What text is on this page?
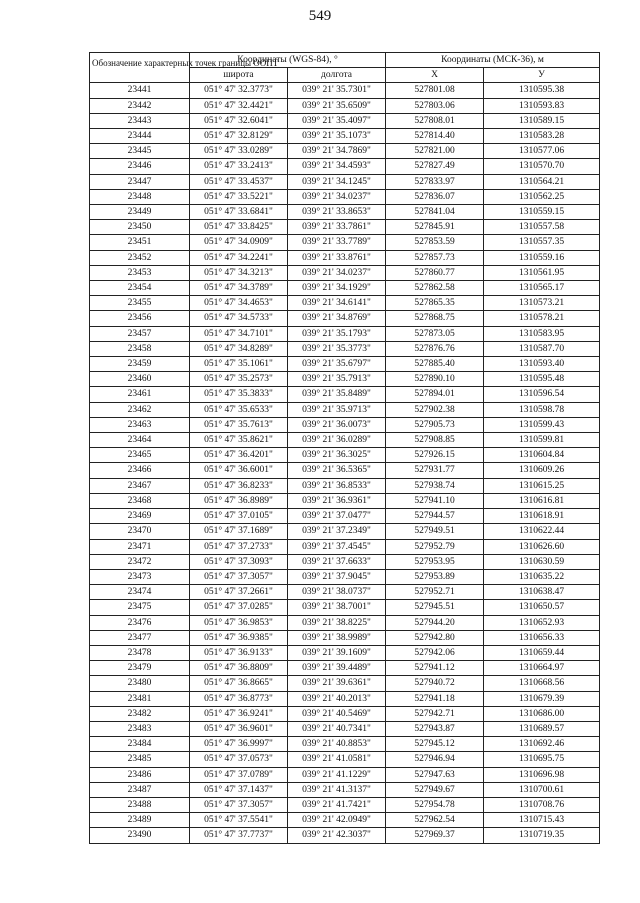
549
Обозначение характерных точек границы ООПТ	Координаты (WGS-84), °		Координаты (МСК-36), м	
	широта	долгота	X	У
23441	051° 47' 32.3773"	039° 21' 35.7301"	527801.08	1310595.38
23442	051° 47' 32.4421"	039° 21' 35.6509"	527803.06	1310593.83
23443	051° 47' 32.6041"	039° 21' 35.4097"	527808.01	1310589.15
23444	051° 47' 32.8129"	039° 21' 35.1073"	527814.40	1310583.28
23445	051° 47' 33.0289"	039° 21' 34.7869"	527821.00	1310577.06
23446	051° 47' 33.2413"	039° 21' 34.4593"	527827.49	1310570.70
23447	051° 47' 33.4537"	039° 21' 34.1245"	527833.97	1310564.21
23448	051° 47' 33.5221"	039° 21' 34.0237"	527836.07	1310562.25
23449	051° 47' 33.6841"	039° 21' 33.8653"	527841.04	1310559.15
23450	051° 47' 33.8425"	039° 21' 33.7861"	527845.91	1310557.58
23451	051° 47' 34.0909"	039° 21' 33.7789"	527853.59	1310557.35
23452	051° 47' 34.2241"	039° 21' 33.8761"	527857.73	1310559.16
23453	051° 47' 34.3213"	039° 21' 34.0237"	527860.77	1310561.95
23454	051° 47' 34.3789"	039° 21' 34.1929"	527862.58	1310565.17
23455	051° 47' 34.4653"	039° 21' 34.6141"	527865.35	1310573.21
23456	051° 47' 34.5733"	039° 21' 34.8769"	527868.75	1310578.21
23457	051° 47' 34.7101"	039° 21' 35.1793"	527873.05	1310583.95
23458	051° 47' 34.8289"	039° 21' 35.3773"	527876.76	1310587.70
23459	051° 47' 35.1061"	039° 21' 35.6797"	527885.40	1310593.40
23460	051° 47' 35.2573"	039° 21' 35.7913"	527890.10	1310595.48
23461	051° 47' 35.3833"	039° 21' 35.8489"	527894.01	1310596.54
23462	051° 47' 35.6533"	039° 21' 35.9713"	527902.38	1310598.78
23463	051° 47' 35.7613"	039° 21' 36.0073"	527905.73	1310599.43
23464	051° 47' 35.8621"	039° 21' 36.0289"	527908.85	1310599.81
23465	051° 47' 36.4201"	039° 21' 36.3025"	527926.15	1310604.84
23466	051° 47' 36.6001"	039° 21' 36.5365"	527931.77	1310609.26
23467	051° 47' 36.8233"	039° 21' 36.8533"	527938.74	1310615.25
23468	051° 47' 36.8989"	039° 21' 36.9361"	527941.10	1310616.81
23469	051° 47' 37.0105"	039° 21' 37.0477"	527944.57	1310618.91
23470	051° 47' 37.1689"	039° 21' 37.2349"	527949.51	1310622.44
23471	051° 47' 37.2733"	039° 21' 37.4545"	527952.79	1310626.60
23472	051° 47' 37.3093"	039° 21' 37.6633"	527953.95	1310630.59
23473	051° 47' 37.3057"	039° 21' 37.9045"	527953.89	1310635.22
23474	051° 47' 37.2661"	039° 21' 38.0737"	527952.71	1310638.47
23475	051° 47' 37.0285"	039° 21' 38.7001"	527945.51	1310650.57
23476	051° 47' 36.9853"	039° 21' 38.8225"	527944.20	1310652.93
23477	051° 47' 36.9385"	039° 21' 38.9989"	527942.80	1310656.33
23478	051° 47' 36.9133"	039° 21' 39.1609"	527942.06	1310659.44
23479	051° 47' 36.8809"	039° 21' 39.4489"	527941.12	1310664.97
23480	051° 47' 36.8665"	039° 21' 39.6361"	527940.72	1310668.56
23481	051° 47' 36.8773"	039° 21' 40.2013"	527941.18	1310679.39
23482	051° 47' 36.9241"	039° 21' 40.5469"	527942.71	1310686.00
23483	051° 47' 36.9601"	039° 21' 40.7341"	527943.87	1310689.57
23484	051° 47' 36.9997"	039° 21' 40.8853"	527945.12	1310692.46
23485	051° 47' 37.0573"	039° 21' 41.0581"	527946.94	1310695.75
23486	051° 47' 37.0789"	039° 21' 41.1229"	527947.63	1310696.98
23487	051° 47' 37.1437"	039° 21' 41.3137"	527949.67	1310700.61
23488	051° 47' 37.3057"	039° 21' 41.7421"	527954.78	1310708.76
23489	051° 47' 37.5541"	039° 21' 42.0949"	527962.54	1310715.43
23490	051° 47' 37.7737"	039° 21' 42.3037"	527969.37	1310719.35
